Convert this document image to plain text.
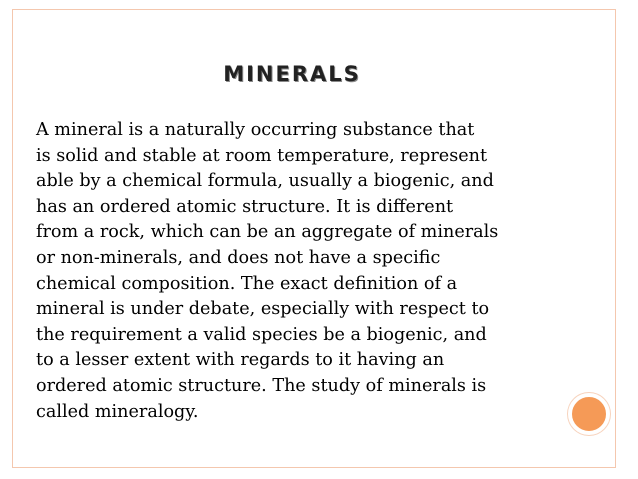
MINERALS

A mineral is a naturally occurring substance that

is solid and stable at room temperature, represent

able by a chemical formula, usually a biogenic, and

has an ordered atomic structure. It is different

from a rock, which can be an aggregate of minerals

or non-minerals, and does not have a specific

chemical composition. The exact definition of a

mineral is under debate, especially with respect to

the requirement a valid species be a biogenic, and

to a lesser extent with regards to it having an

ordered atomic structure. The study of minerals is

called mineralogy.
